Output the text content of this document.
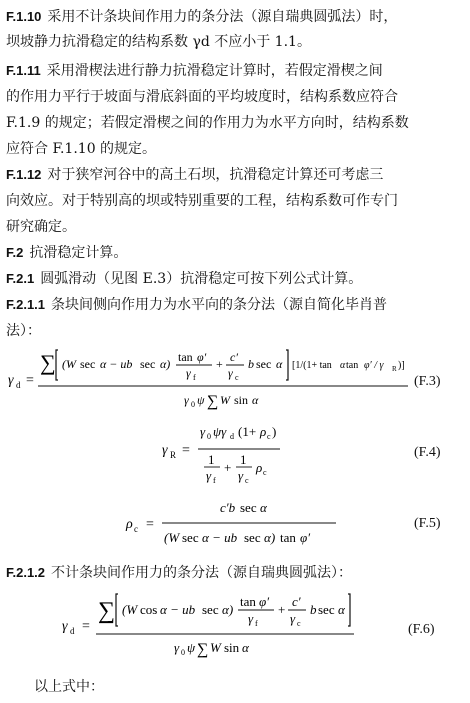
F.1.10 采用不计条块间作用力的条分法（源自瑞典圆弧法）时，
坝坡静力抗滑稳定的结构系数 γd 不应小于 1.1。
F.1.11 采用滑楔法进行静力抗滑稳定计算时，若假定滑楔之间
的作用力平行于坡面与滑底斜面的平均坡度时，结构系数应符合
F.1.9 的规定；若假定滑楔之间的作用力为水平方向时，结构系数
应符合 F.1.10 的规定。
F.1.12 对于狭窄河谷中的高土石坝，抗滑稳定计算还可考虑三
向效应。对于特别高的坝或特别重要的工程，结构系数可作专门
研究确定。
F.2 抗滑稳定计算。
F.2.1 圆弧滑动（见图 E.3）抗滑稳定可按下列公式计算。
F.2.1.1 条块间侧向作用力为水平向的条分法（源自简化毕肖普
法）：
γ d =
∑ (W sec α − ub sec α) tan φ′
γ f
+ c′
γ c
b sec α [1/(1+ tan α tan φ′ / γ R )]
γ 0 ψ ∑ W sin α
(F.3)
γ R =
γ 0 ψγ d (1+ ρ c )
1
γ f
+
1
γ c
ρ c
(F.4)
ρ c =
c′b sec α
(W sec α − ub sec α) tan φ′
(F.5)
F.2.1.2 不计条块间作用力的条分法（源自瑞典圆弧法）：
γ d =
∑ (W cos α − ub sec α)
tan φ′
γ f
+
c′
γ c
b sec α
γ 0 ψ ∑ W sin α
(F.6)
以上式中：
